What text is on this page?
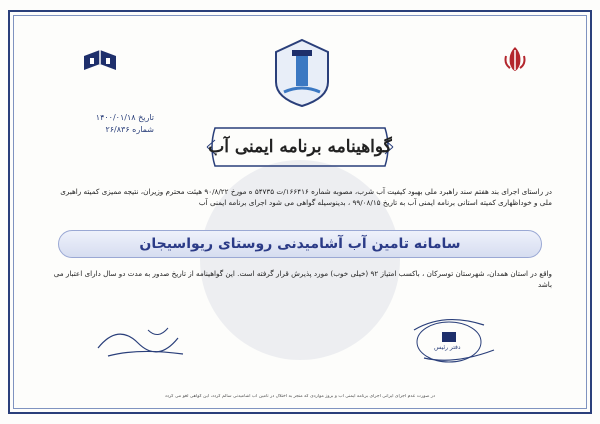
تاریخ ۱۴۰۰/۰۱/۱۸
شماره ۲۶/۸۳۶
گواهینامه برنامه ایمنی آب
در راستای اجرای بند هفتم سند راهبرد ملی بهبود کیفیت آب شرب، مصوبه شماره ۱۶۶۴۱۶/ت ۵۴۷۳۵ ه مورخ ۹۰/۸/۲۲ هیئت محترم وزیران، نتیجه ممیزی کمیته راهبری ملی و خوداظهاری کمیته استانی برنامه ایمنی آب به تاریخ ۹۹/۰۸/۱۵ ، بدینوسیله گواهی می شود اجرای برنامه ایمنی آب
سامانه تامین آب آشامیدنی روستای ریواسیجان
واقع در استان همدان، شهرستان توسرکان ، باکسب امتیاز ۹۲ (خیلی خوب) مورد پذیرش قرار گرفته است. این گواهینامه از تاریخ صدور به مدت دو سال دارای اعتبار می باشد
دفتر رئیس
در صورت عدم اجرای ایرانی اجرای برنامه ایمنی آب و بروز مواردی که منجر به اختلال در تامین آب آشامیدنی سالم گردد، این گواهی لغو می گردد
